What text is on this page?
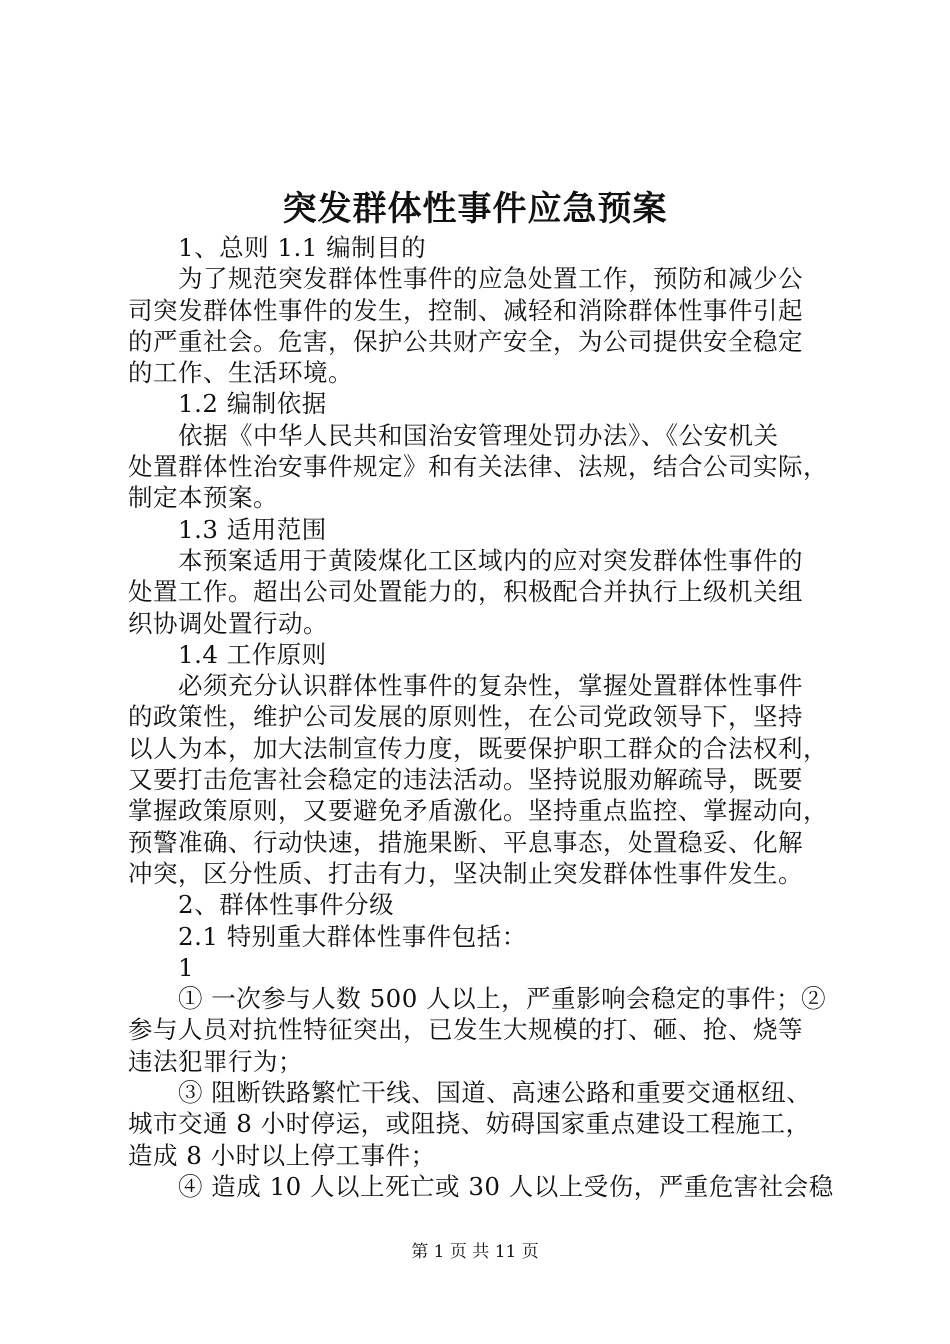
突发群体性事件应急预案
1、总则 1.1 编制目的
为了规范突发群体性事件的应急处置工作，预防和减少公
司突发群体性事件的发生，控制、减轻和消除群体性事件引起
的严重社会。危害，保护公共财产安全，为公司提供安全稳定
的工作、生活环境。
1.2 编制依据
依据《中华人民共和国治安管理处罚办法》、《公安机关
处置群体性治安事件规定》和有关法律、法规，结合公司实际，
制定本预案。
1.3 适用范围
本预案适用于黄陵煤化工区域内的应对突发群体性事件的
处置工作。超出公司处置能力的，积极配合并执行上级机关组
织协调处置行动。
1.4 工作原则
必须充分认识群体性事件的复杂性，掌握处置群体性事件
的政策性，维护公司发展的原则性，在公司党政领导下，坚持
以人为本，加大法制宣传力度，既要保护职工群众的合法权利，
又要打击危害社会稳定的违法活动。坚持说服劝解疏导，既要
掌握政策原则，又要避免矛盾激化。坚持重点监控、掌握动向，
预警准确、行动快速，措施果断、平息事态，处置稳妥、化解
冲突，区分性质、打击有力，坚决制止突发群体性事件发生。
2、群体性事件分级
2.1 特别重大群体性事件包括：
1
① 一次参与人数 500 人以上，严重影响会稳定的事件；②
参与人员对抗性特征突出，已发生大规模的打、砸、抢、烧等
违法犯罪行为；
③ 阻断铁路繁忙干线、国道、高速公路和重要交通枢纽、
城市交通 8 小时停运，或阻挠、妨碍国家重点建设工程施工，
造成 8 小时以上停工事件；
④ 造成 10 人以上死亡或 30 人以上受伤，严重危害社会稳
第 1 页 共 11 页
